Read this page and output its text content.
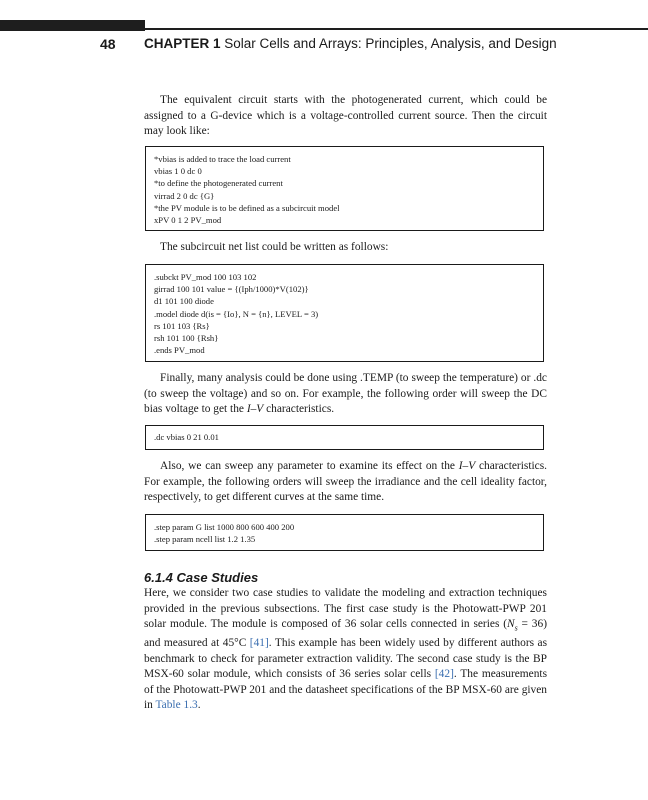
48 CHAPTER 1 Solar Cells and Arrays: Principles, Analysis, and Design
The equivalent circuit starts with the photogenerated current, which could be assigned to a G-device which is a voltage-controlled current source. Then the circuit may look like:
*vbias is added to trace the load current
vbias 1 0 dc 0
*to define the photogenerated current
virrad 2 0 dc {G}
*the PV module is to be defined as a subcircuit model
xPV 0 1 2 PV_mod
The subcircuit net list could be written as follows:
.subckt PV_mod 100 103 102
girrad 100 101 value = {(Iph/1000)*V(102)}
d1 101 100 diode
.model diode d(is = {Io}, N = {n}, LEVEL = 3)
rs 101 103 {Rs}
rsh 101 100 {Rsh}
.ends PV_mod
Finally, many analysis could be done using .TEMP (to sweep the temperature) or .dc (to sweep the voltage) and so on. For example, the following order will sweep the DC bias voltage to get the I–V characteristics.
.dc vbias 0 21 0.01
Also, we can sweep any parameter to examine its effect on the I–V characteristics. For example, the following orders will sweep the irradiance and the cell ideality factor, respectively, to get different curves at the same time.
.step param G list 1000 800 600 400 200
.step param ncell list 1.2 1.35
6.1.4 Case Studies
Here, we consider two case studies to validate the modeling and extraction techniques provided in the previous subsections. The first case study is the Photowatt-PWP 201 solar module. The module is composed of 36 solar cells connected in series $(N_s = 36)$ and measured at 45°C [41]. This example has been widely used by different authors as benchmark to check for parameter extraction validity. The second case study is the BP MSX-60 solar module, which consists of 36 series solar cells [42]. The measurements of the Photowatt-PWP 201 and the datasheet specifications of the BP MSX-60 are given in Table 1.3.
